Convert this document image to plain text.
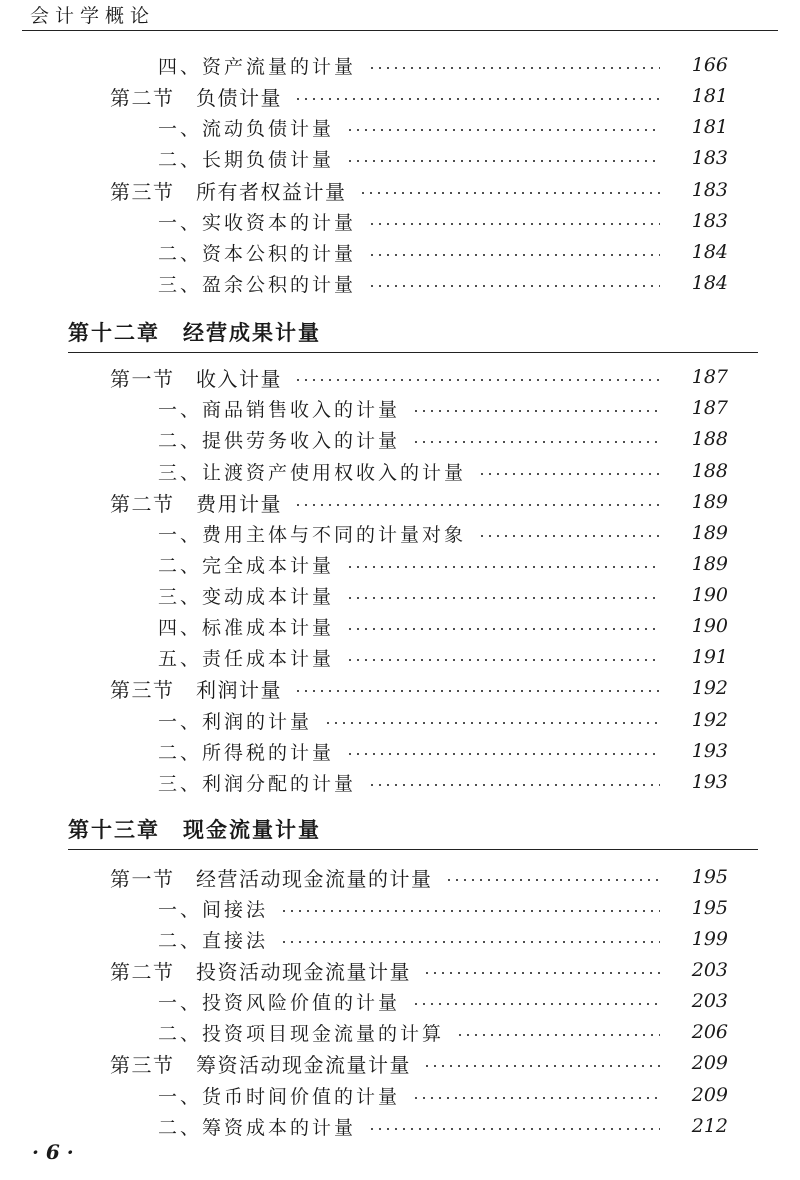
会计学概论
四、资产流量的计量	166
第二节　负债计量	181
一、流动负债计量	181
二、长期负债计量	183
第三节　所有者权益计量	183
一、实收资本的计量	183
二、资本公积的计量	184
三、盈余公积的计量	184
第十二章　经营成果计量
第一节　收入计量	187
一、商品销售收入的计量	187
二、提供劳务收入的计量	188
三、让渡资产使用权收入的计量	188
第二节　费用计量	189
一、费用主体与不同的计量对象	189
二、完全成本计量	189
三、变动成本计量	190
四、标准成本计量	190
五、责任成本计量	191
第三节　利润计量	192
一、利润的计量	192
二、所得税的计量	193
三、利润分配的计量	193
第十三章　现金流量计量
第一节　经营活动现金流量的计量	195
一、间接法	195
二、直接法	199
第二节　投资活动现金流量计量	203
一、投资风险价值的计量	203
二、投资项目现金流量的计算	206
第三节　筹资活动现金流量计量	209
一、货币时间价值的计量	209
二、筹资成本的计量	212
· 6 ·
